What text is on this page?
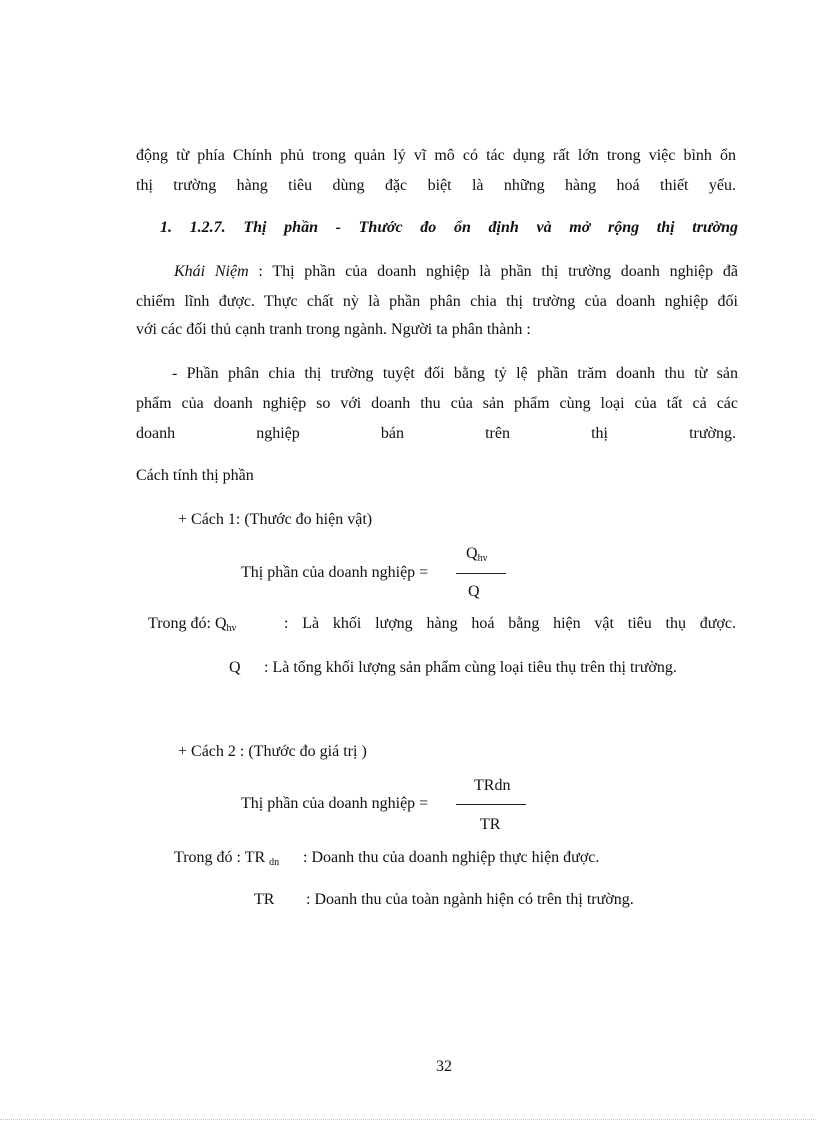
động từ phía Chính phủ trong quản lý vĩ mô có tác dụng rất lớn trong việc bình ổn
thị trường hàng tiêu dùng đặc biệt là những hàng hoá thiết yếu.
1. 1.2.7. Thị phần - Thước đo ổn định và mở rộng thị trường
Khái Niệm : Thị phần của doanh nghiệp là phần thị trường doanh nghiệp đã
chiếm lĩnh được. Thực chất nỳ là phần phân chia thị trường của doanh nghiệp đối
với các đối thủ cạnh tranh trong ngành. Người ta phân thành :
- Phần phân chia thị trường tuyệt đối bằng tỷ lệ phần trăm doanh thu từ sản
phẩm của doanh nghiệp so với doanh thu của sản phẩm cùng loại của tất cả các
doanh nghiệp bán trên thị trường.
Cách tính thị phần
+ Cách 1: (Thước đo hiện vật)
$Q_{hv}$
Thị phần của doanh nghiệp =
Q
Trong đó: $Q_{hv}$	: Là khối lượng hàng hoá bằng hiện vật tiêu thụ được.
Q : Là tổng khối lượng sản phẩm cùng loại tiêu thụ trên thị trường.
+ Cách 2 : (Thước đo giá trị )
TRdn
Thị phần của doanh nghiệp =
TR
Trong đó : TR $_{dn}$ : Doanh thu của doanh nghiệp thực hiện được.
TR : Doanh thu của toàn ngành hiện có trên thị trường.
32
